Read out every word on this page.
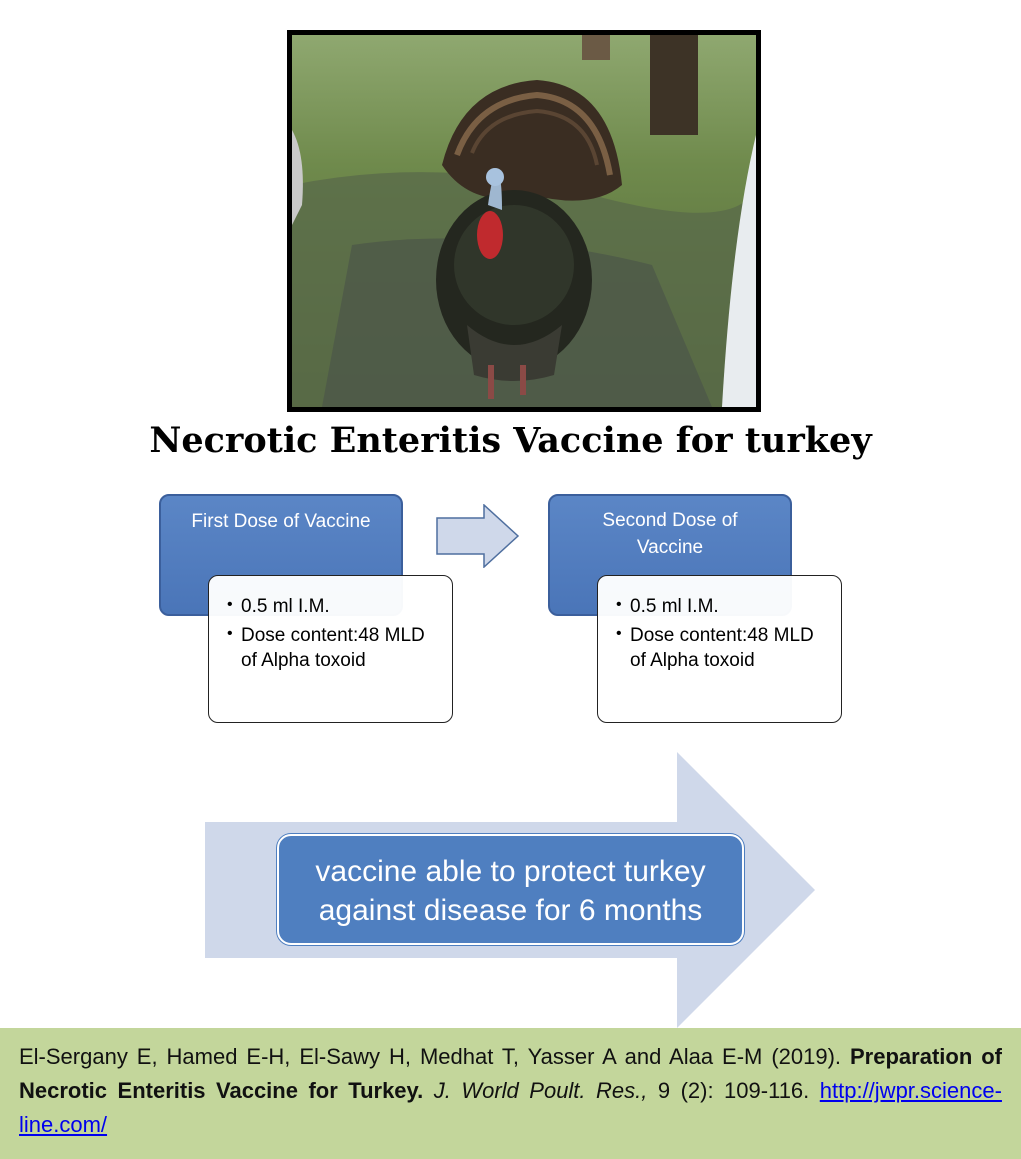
Necrotic Enteritis Vaccine for turkey
First Dose of Vaccine
• 0.5 ml I.M.
• Dose content:48 MLD of Alpha toxoid
Second Dose of Vaccine
• 0.5 ml I.M.
• Dose content:48 MLD of Alpha toxoid
vaccine able to protect turkey against disease for 6 months
El-Sergany E, Hamed E-H, El-Sawy H, Medhat T, Yasser A and Alaa E-M (2019). Preparation of Necrotic Enteritis Vaccine for Turkey. J. World Poult. Res., 9 (2): 109-116. http://jwpr.science-line.com/
